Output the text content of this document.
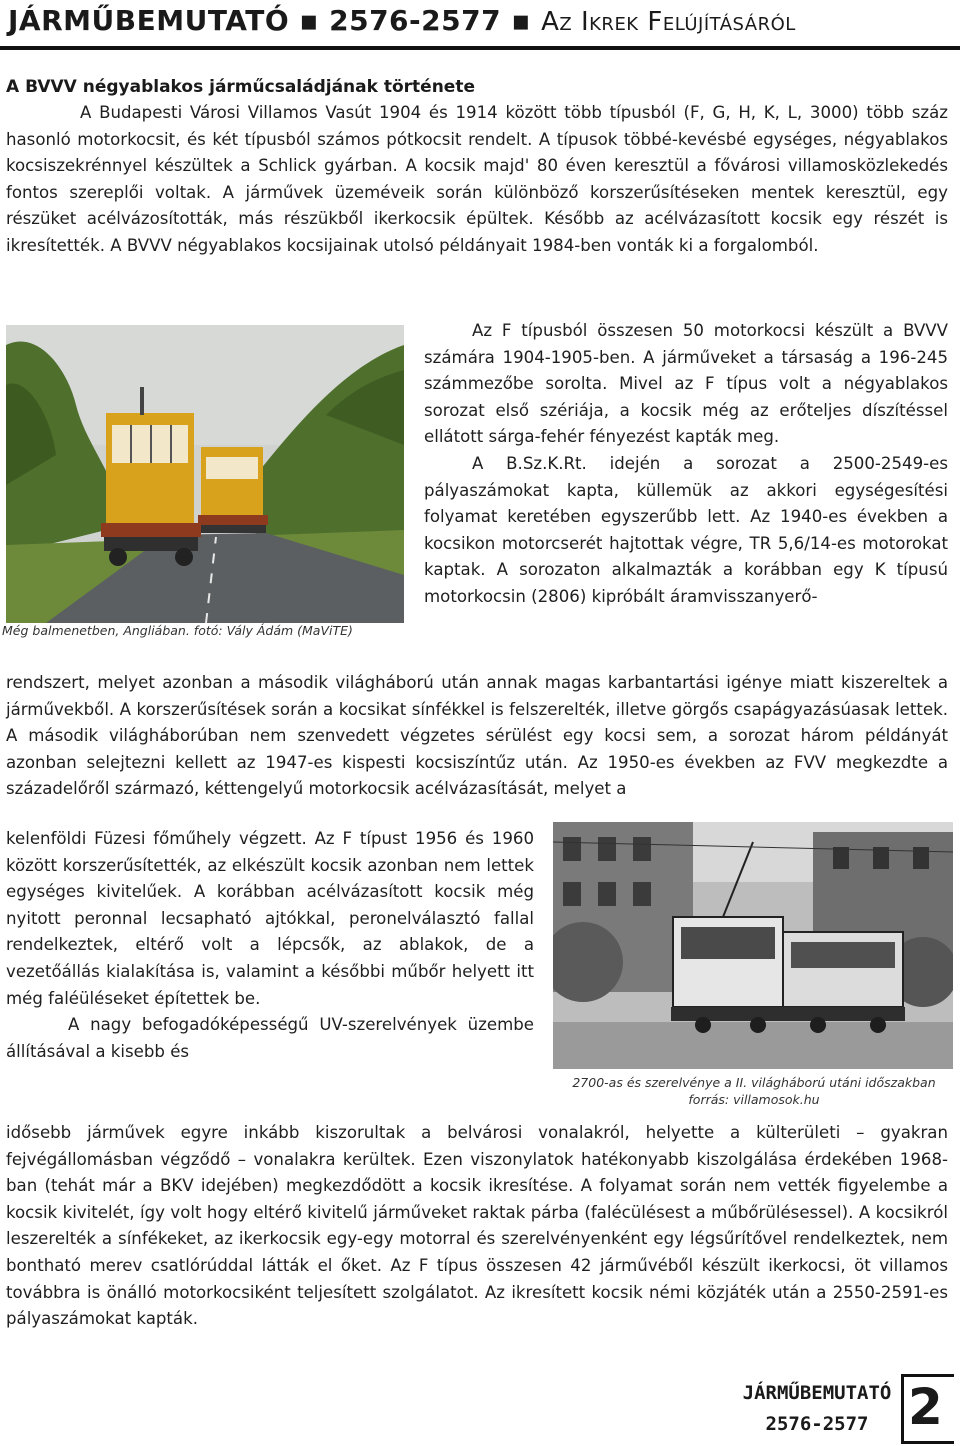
JÁRMŰBEMUTATÓ ▪ 2576-2577 ▪ Az Ikrek Felújításáról
A BVVV négyablakos járműcsaládjának története
A Budapesti Városi Villamos Vasút 1904 és 1914 között több típusból (F, G, H, K, L, 3000) több száz hasonló motorkocsit, és két típusból számos pótkocsit rendelt. A típusok többé-kevésbé egységes, négyablakos kocsiszekrénnyel készültek a Schlick gyárban. A kocsik majd' 80 éven keresztül a fővárosi villamosközlekedés fontos szereplői voltak. A járművek üzeméveik során különböző korszerűsítéseken mentek keresztül, egy részüket acélvázosították, más részükből ikerkocsik épültek. Később az acélvázasított kocsik egy részét is ikresítették. A BVVV négyablakos kocsijainak utolsó példányait 1984-ben vonták ki a forgalomból.
Még balmenetben, Angliában. fotó: Vály Ádám (MaViTE)
Az F típusból összesen 50 motorkocsi készült a BVVV számára 1904-1905-ben. A járműveket a társaság a 196-245 számmezőbe sorolta. Mivel az F típus volt a négyablakos sorozat első szériája, a kocsik még az erőteljes díszítéssel ellátott sárga-fehér fényezést kapták meg.
A B.Sz.K.Rt. idején a sorozat a 2500-2549-es pályaszámokat kapta, küllemük az akkori egységesítési folyamat keretében egyszerűbb lett. Az 1940-es években a kocsikon motorcserét hajtottak végre, TR 5,6/14-es motorokat kaptak. A sorozaton alkalmazták a korábban egy K típusú motorkocsin (2806) kipróbált áramvisszanyerő-
rendszert, melyet azonban a második világháború után annak magas karbantartási igénye miatt kiszereltek a járművekből. A korszerűsítések során a kocsikat sínfékkel is felszerelték, illetve görgős csapágyazásúasak lettek. A második világháborúban nem szenvedett végzetes sérülést egy kocsi sem, a sorozat három példányát azonban selejtezni kellett az 1947-es kispesti kocsiszíntűz után. Az 1950-es években az FVV megkezdte a századelőről származó, kéttengelyű motorkocsik acélvázasítását, melyet a
kelenföldi Füzesi főműhely végzett. Az F típust 1956 és 1960 között korszerűsítették, az elkészült kocsik azonban nem lettek egységes kivitelűek. A korábban acélvázasított kocsik még nyitott peronnal lecsapható ajtókkal, peronelválasztó fallal rendelkeztek, eltérő volt a lépcsők, az ablakok, de a vezetőállás kialakítása is, valamint a későbbi műbőr helyett itt még faléüléseket építettek be.
A nagy befogadóképességű UV-szerelvények üzembe állításával a kisebb és
2700-as és szerelvénye a II. világháború utáni időszakban
forrás: villamosok.hu
idősebb járművek egyre inkább kiszorultak a belvárosi vonalakról, helyette a külterületi – gyakran fejvégállomásban végződő – vonalakra kerültek. Ezen viszonylatok hatékonyabb kiszolgálása érdekében 1968-ban (tehát már a BKV idejében) megkezdődött a kocsik ikresítése. A folyamat során nem vették figyelembe a kocsik kivitelét, így volt hogy eltérő kivitelű járműveket raktak párba (falécülésest a műbőrülésessel). A kocsikról leszerelték a sínfékeket, az ikerkocsik egy-egy motorral és szerelvényenként egy légsűrítővel rendelkeztek, nem bontható merev csatlórúddal látták el őket. Az F típus összesen 42 járművéből készült ikerkocsi, öt villamos továbbra is önálló motorkocsiként teljesített szolgálatot. Az ikresített kocsik némi közjáték után a 2550-2591-es pályaszámokat kapták.
JÁRMŰBEMUTATÓ
2576-2577 2
